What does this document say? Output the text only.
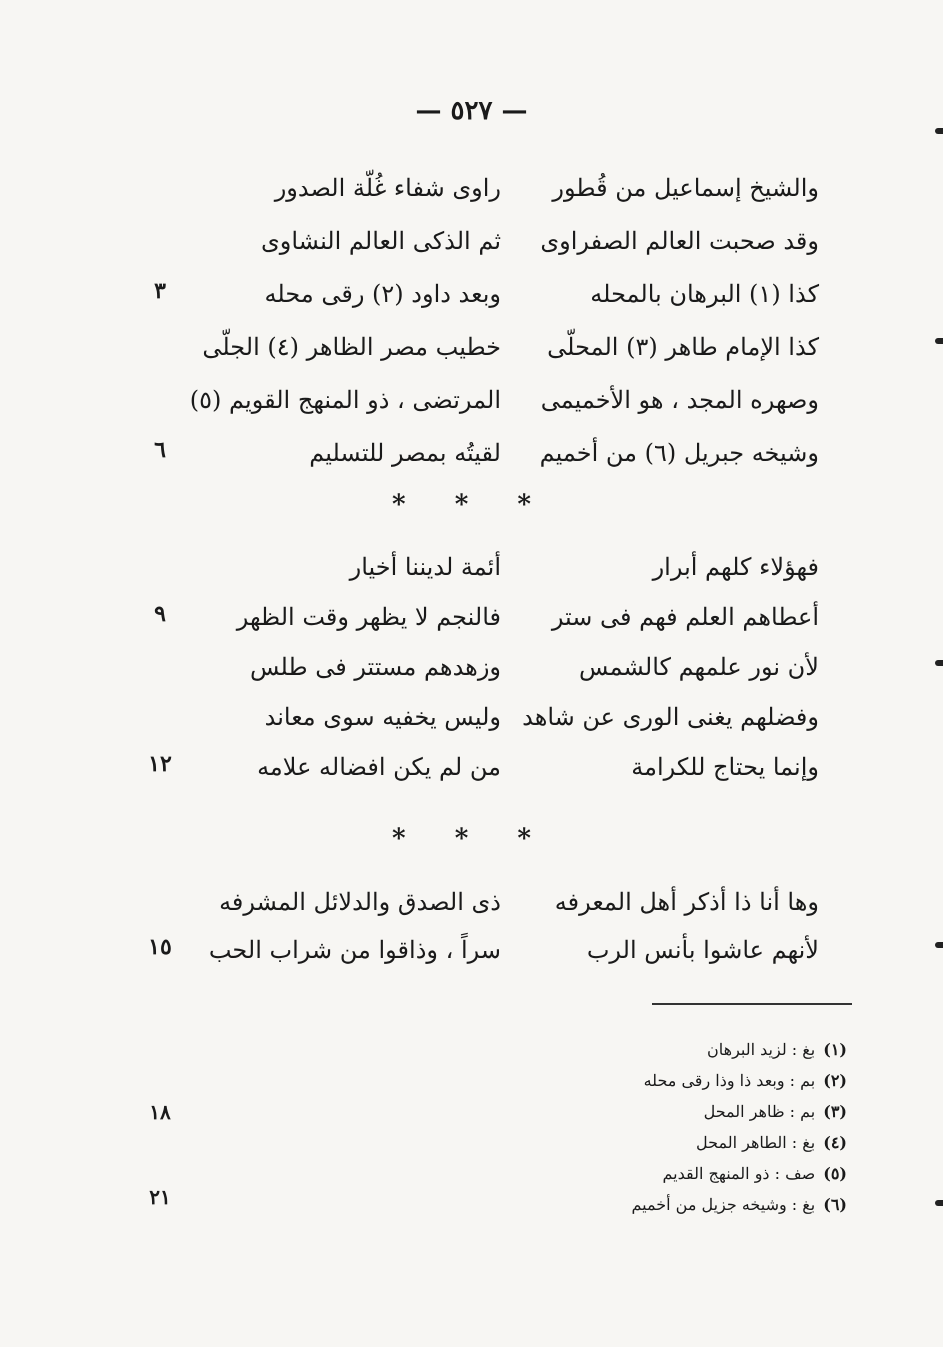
— ٥٢٧ —
والشيخ إسماعيل من قُطور
راوى شفاء غُلّة الصدور
وقد صحبت العالم الصفراوى
ثم الذكى العالم النشاوى
كذا (١) البرهان بالمحله
وبعد داود (٢) رقى محله
٣
كذا الإمام طاهر (٣) المحلّى
خطيب مصر الظاهر (٤) الجلّى
وصهره المجد ، هو الأخميمى
المرتضى ، ذو المنهج القويم (٥)
وشيخه جبريل (٦) من أخميم
لقيتُه بمصر للتسليم
٦
فهؤلاء كلهم أبرار
أئمة لديننا أخيار
أعطاهم العلم فهم فى ستر
فالنجم لا يظهر وقت الظهر
٩
لأن نور علمهم كالشمس
وزهدهم مستتر فى طلس
وفضلهم يغنى الورى عن شاهد
وليس يخفيه سوى معاند
وإنما يحتاج للكرامة
من لم يكن افضاله علامه
١٢
وها أنا ذا أذكر أهل المعرفه
ذى الصدق والدلائل المشرفه
لأنهم عاشوا بأنس الرب
سراً ، وذاقوا من شراب الحب
١٥
* * *
* * *
(١)بغ : لزيد البرهان
(٢)بم : وبعد ذا وذا رقى محله
(٣)بم : ظاهر المحل
(٤)بغ : الطاهر المحل
(٥)صف : ذو المنهج القديم
(٦)بغ : وشيخه جزيل من أخميم
١٨
٢١
